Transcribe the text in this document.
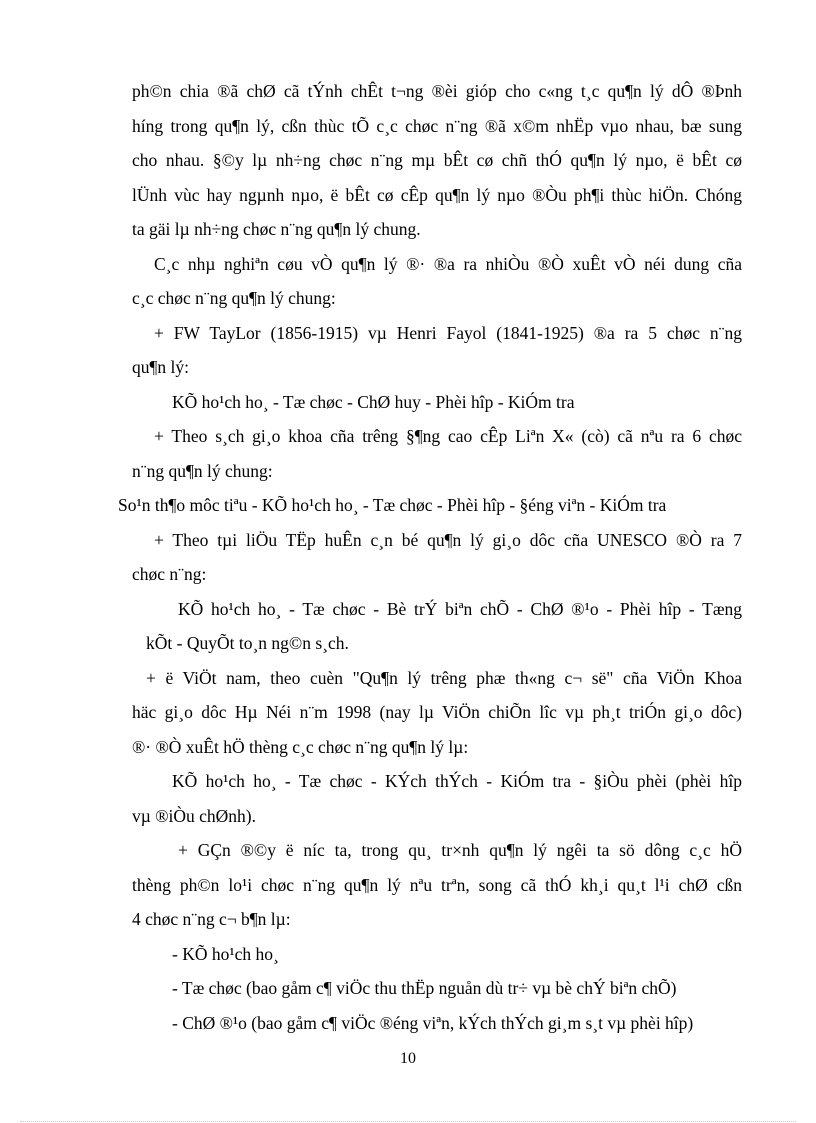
ph©n chia ®ã chØ cã tÝnh chÊt t¬ng ®èi gióp cho c«ng t¸c qu¶n lý dÔ ®Þnh
híng trong qu¶n lý, cßn thùc tÕ c¸c chøc n¨ng ®ã x©m nhËp vµo nhau, bæ sung
cho nhau. §©y lµ nh÷ng chøc n¨ng mµ bÊt cø chñ thÓ qu¶n lý nµo, ë bÊt cø
lÜnh vùc hay ngµnh nµo, ë bÊt cø cÊp qu¶n lý nµo ®Òu ph¶i thùc hiÖn. Chóng
ta gäi lµ nh÷ng chøc n¨ng qu¶n lý chung.
C¸c nhµ nghiªn cøu vÒ qu¶n lý ®· ®a ra nhiÒu ®Ò xuÊt vÒ néi dung cña
c¸c chøc n¨ng qu¶n lý chung:
+ FW TayLor (1856-1915) vµ Henri Fayol (1841-1925) ®a ra 5 chøc n¨ng
qu¶n lý:
KÕ ho¹ch ho¸ - Tæ chøc - ChØ huy - Phèi hîp - KiÓm tra
+ Theo s¸ch gi¸o khoa cña trêng §¶ng cao cÊp Liªn X« (cò) cã nªu ra 6 chøc
n¨ng qu¶n lý chung:
So¹n th¶o môc tiªu - KÕ ho¹ch ho¸ - Tæ chøc - Phèi hîp - §éng viªn - KiÓm tra
+ Theo tµi liÖu TËp huÊn c¸n bé qu¶n lý gi¸o dôc cña UNESCO ®Ò ra 7
chøc n¨ng:
KÕ ho¹ch ho¸ - Tæ chøc - Bè trÝ biªn chÕ - ChØ ®¹o - Phèi hîp - Tæng
kÕt - QuyÕt to¸n ng©n s¸ch.
+ ë ViÖt nam, theo cuèn "Qu¶n lý trêng phæ th«ng c¬ së" cña ViÖn Khoa
häc gi¸o dôc Hµ Néi n¨m 1998 (nay lµ ViÖn chiÕn lîc vµ ph¸t triÓn gi¸o dôc)
®· ®Ò xuÊt hÖ thèng c¸c chøc n¨ng qu¶n lý lµ:
KÕ ho¹ch ho¸ - Tæ chøc - KÝch thÝch - KiÓm tra - §iÒu phèi (phèi hîp
vµ ®iÒu chØnh).
+ GÇn ®©y ë níc ta, trong qu¸ tr×nh qu¶n lý ngêi ta sö dông c¸c hÖ
thèng ph©n lo¹i chøc n¨ng qu¶n lý nªu trªn, song cã thÓ kh¸i qu¸t l¹i chØ cßn
4 chøc n¨ng c¬ b¶n lµ:
- KÕ ho¹ch ho¸
- Tæ chøc (bao gåm c¶ viÖc thu thËp nguån dù tr÷ vµ bè chÝ biªn chÕ)
- ChØ ®¹o (bao gåm c¶ viÖc ®éng viªn, kÝch thÝch gi¸m s¸t vµ phèi hîp)
10
